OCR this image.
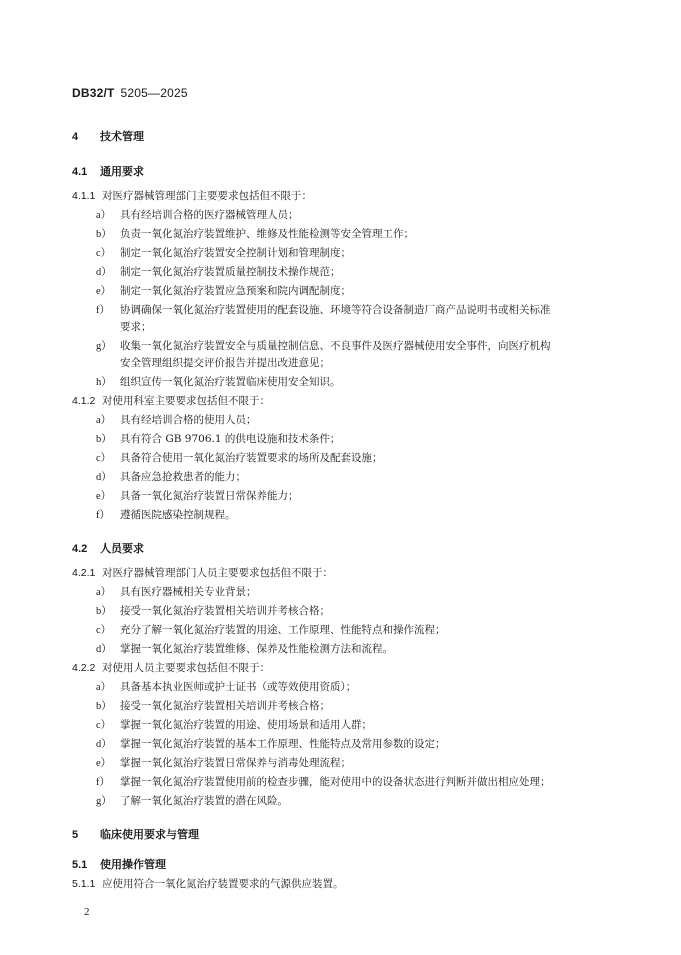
DB32/T 5205—2025
4 技术管理
4.1 通用要求
4.1.1 对医疗器械管理部门主要要求包括但不限于：
a） 具有经培训合格的医疗器械管理人员；
b） 负责一氧化氮治疗装置维护、维修及性能检测等安全管理工作；
c） 制定一氧化氮治疗装置安全控制计划和管理制度；
d） 制定一氧化氮治疗装置质量控制技术操作规范；
e） 制定一氧化氮治疗装置应急预案和院内调配制度；
f） 协调确保一氧化氮治疗装置使用的配套设施、环境等符合设备制造厂商产品说明书或相关标准
要求；
g） 收集一氧化氮治疗装置安全与质量控制信息、不良事件及医疗器械使用安全事件，向医疗机构
安全管理组织提交评价报告并提出改进意见；
h） 组织宣传一氧化氮治疗装置临床使用安全知识。
4.1.2 对使用科室主要要求包括但不限于：
a） 具有经培训合格的使用人员；
b） 具有符合 GB 9706.1 的供电设施和技术条件；
c） 具备符合使用一氧化氮治疗装置要求的场所及配套设施；
d） 具备应急抢救患者的能力；
e） 具备一氧化氮治疗装置日常保养能力；
f） 遵循医院感染控制规程。
4.2 人员要求
4.2.1 对医疗器械管理部门人员主要要求包括但不限于：
a） 具有医疗器械相关专业背景；
b） 接受一氧化氮治疗装置相关培训并考核合格；
c） 充分了解一氧化氮治疗装置的用途、工作原理、性能特点和操作流程；
d） 掌握一氧化氮治疗装置维修、保养及性能检测方法和流程。
4.2.2 对使用人员主要要求包括但不限于：
a） 具备基本执业医师或护士证书（或等效使用资质）；
b） 接受一氧化氮治疗装置相关培训并考核合格；
c） 掌握一氧化氮治疗装置的用途、使用场景和适用人群；
d） 掌握一氧化氮治疗装置的基本工作原理、性能特点及常用参数的设定；
e） 掌握一氧化氮治疗装置日常保养与消毒处理流程；
f） 掌握一氧化氮治疗装置使用前的检查步骤，能对使用中的设备状态进行判断并做出相应处理；
g） 了解一氧化氮治疗装置的潜在风险。
5 临床使用要求与管理
5.1 使用操作管理
5.1.1 应使用符合一氧化氮治疗装置要求的气源供应装置。
2
